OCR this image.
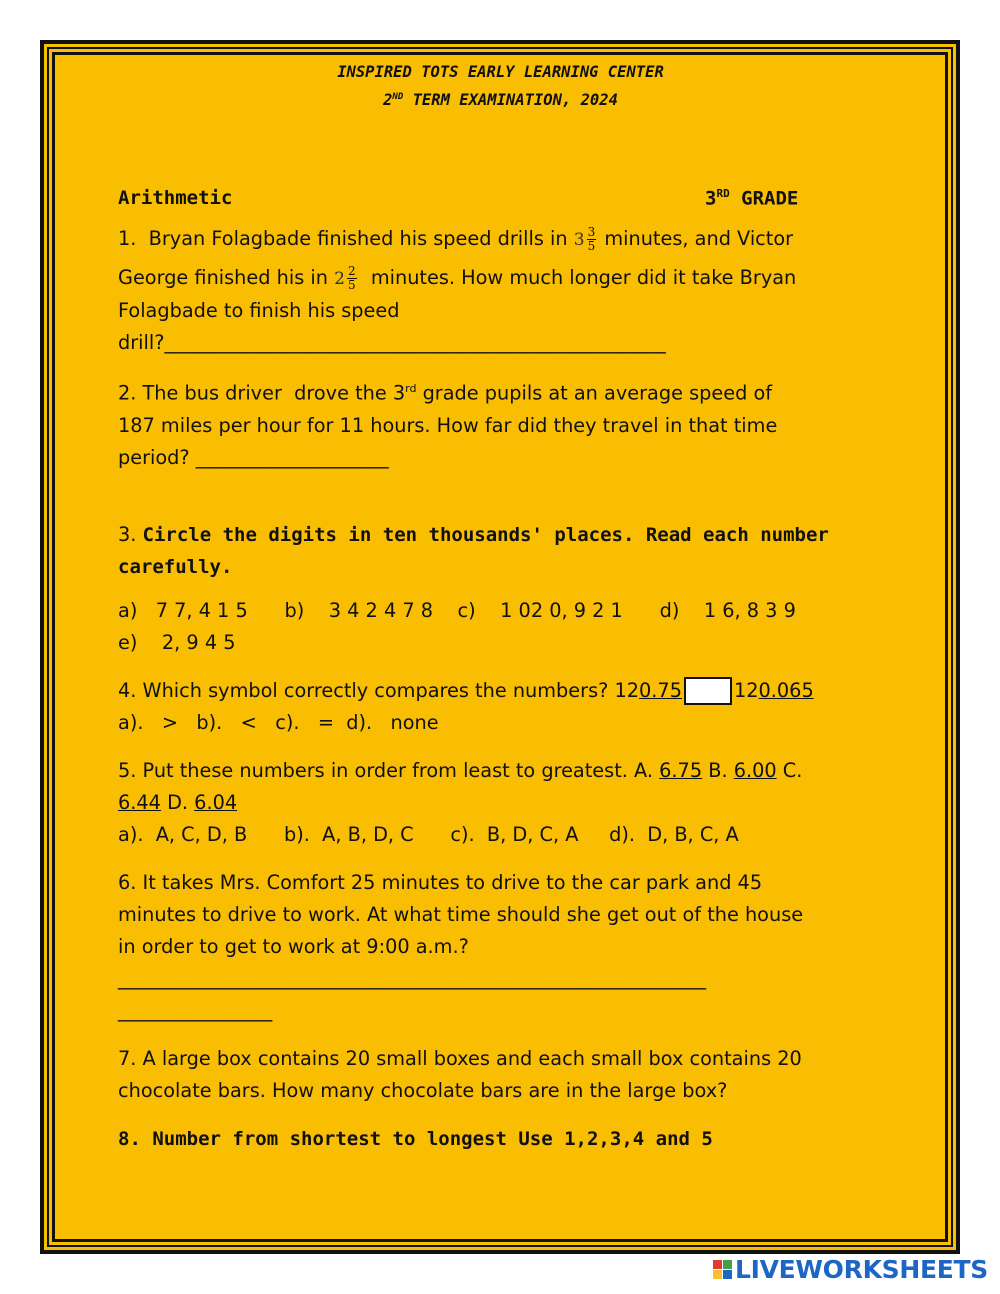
INSPIRED TOTS EARLY LEARNING CENTER
2ND TERM EXAMINATION, 2024
Arithmetic	3RD GRADE

1.  Bryan Folagbade finished his speed drills in $3 \frac{3}{5}$ minutes, and Victor

George finished his in $2 \frac{2}{5}$ minutes. How much longer did it take Bryan

Folagbade to finish his speed

drill?____________________________________________________

2. The bus driver  drove the 3rd grade pupils at an average speed of

187 miles per hour for 11 hours. How far did they travel in that time

period? ____________________

3. Circle the digits in ten thousands' places. Read each number

carefully.

a)   7 7, 4 1 5      b)    3 4 2 4 7 8    c)    1 02 0, 9 2 1      d)    1 6, 8 3 9

e)    2, 9 4 5

4. Which symbol correctly compares the numbers? 120.75	120.065

a).   >   b).   <   c).   =  d).   none

5. Put these numbers in order from least to greatest. A. 6.75 B. 6.00 C.

6.44 D. 6.04

a).  A, C, D, B      b).  A, B, D, C      c).  B, D, C, A     d).  D, B, C, A

6. It takes Mrs. Comfort 25 minutes to drive to the car park and 45

minutes to drive to work. At what time should she get out of the house

in order to get to work at 9:00 a.m.?

_____________________________________________________________

________________

7. A large box contains 20 small boxes and each small box contains 20

chocolate bars. How many chocolate bars are in the large box?

8. Number from shortest to longest Use 1,2,3,4 and 5

LIVEWORKSHEETS
